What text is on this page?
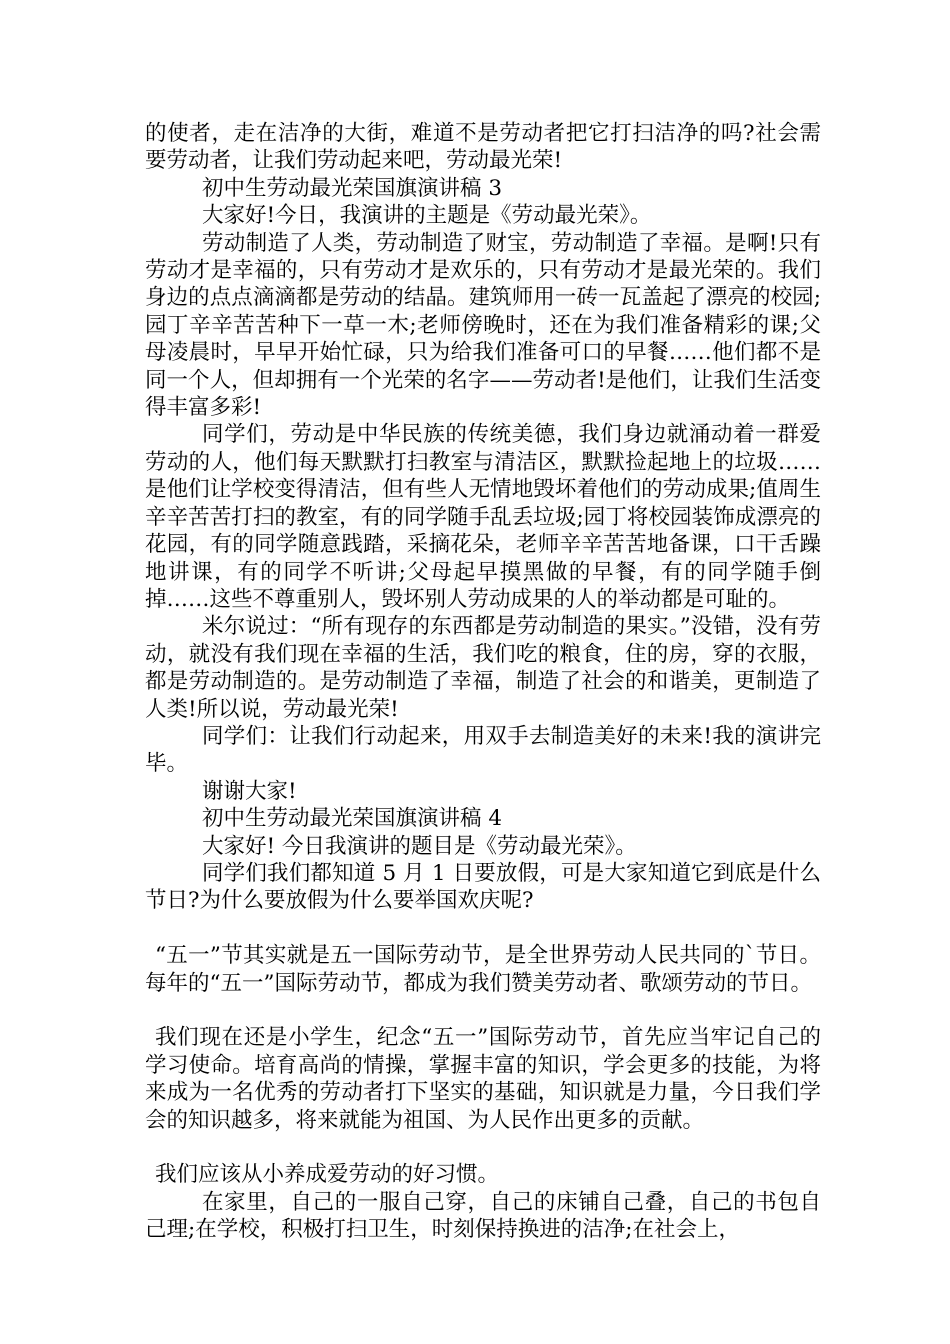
的使者，走在洁净的大街，难道不是劳动者把它打扫洁净的吗?社会需要劳动者，让我们劳动起来吧，劳动最光荣!

初中生劳动最光荣国旗演讲稿 3

大家好!今日，我演讲的主题是《劳动最光荣》。

劳动制造了人类，劳动制造了财宝，劳动制造了幸福。是啊!只有劳动才是幸福的，只有劳动才是欢乐的，只有劳动才是最光荣的。我们身边的点点滴滴都是劳动的结晶。建筑师用一砖一瓦盖起了漂亮的校园;园丁辛辛苦苦种下一草一木;老师傍晚时，还在为我们准备精彩的课;父母凌晨时，早早开始忙碌，只为给我们准备可口的早餐……他们都不是同一个人，但却拥有一个光荣的名字——劳动者!是他们，让我们生活变得丰富多彩!

同学们，劳动是中华民族的传统美德，我们身边就涌动着一群爱劳动的人，他们每天默默打扫教室与清洁区，默默捡起地上的垃圾……是他们让学校变得清洁，但有些人无情地毁坏着他们的劳动成果;值周生辛辛苦苦打扫的教室，有的同学随手乱丢垃圾;园丁将校园装饰成漂亮的花园，有的同学随意践踏，采摘花朵，老师辛辛苦苦地备课，口干舌躁地讲课，有的同学不听讲;父母起早摸黑做的早餐，有的同学随手倒掉……这些不尊重别人，毁坏别人劳动成果的人的举动都是可耻的。

米尔说过：“所有现存的东西都是劳动制造的果实。”没错，没有劳动，就没有我们现在幸福的生活，我们吃的粮食，住的房，穿的衣服，都是劳动制造的。是劳动制造了幸福，制造了社会的和谐美，更制造了人类!所以说，劳动最光荣!

同学们：让我们行动起来，用双手去制造美好的未来!我的演讲完毕。

谢谢大家!

初中生劳动最光荣国旗演讲稿 4

大家好! 今日我演讲的题目是《劳动最光荣》。

同学们我们都知道 5 月 1 日要放假，可是大家知道它到底是什么节日?为什么要放假为什么要举国欢庆呢?

“五一”节其实就是五一国际劳动节，是全世界劳动人民共同的`节日。每年的“五一”国际劳动节，都成为我们赞美劳动者、歌颂劳动的节日。

我们现在还是小学生，纪念“五一”国际劳动节，首先应当牢记自己的学习使命。培育高尚的情操，掌握丰富的知识，学会更多的技能，为将来成为一名优秀的劳动者打下坚实的基础，知识就是力量，今日我们学会的知识越多，将来就能为祖国、为人民作出更多的贡献。

我们应该从小养成爱劳动的好习惯。

在家里，自己的一服自己穿，自己的床铺自己叠，自己的书包自己理;在学校，积极打扫卫生，时刻保持换进的洁净;在社会上，
